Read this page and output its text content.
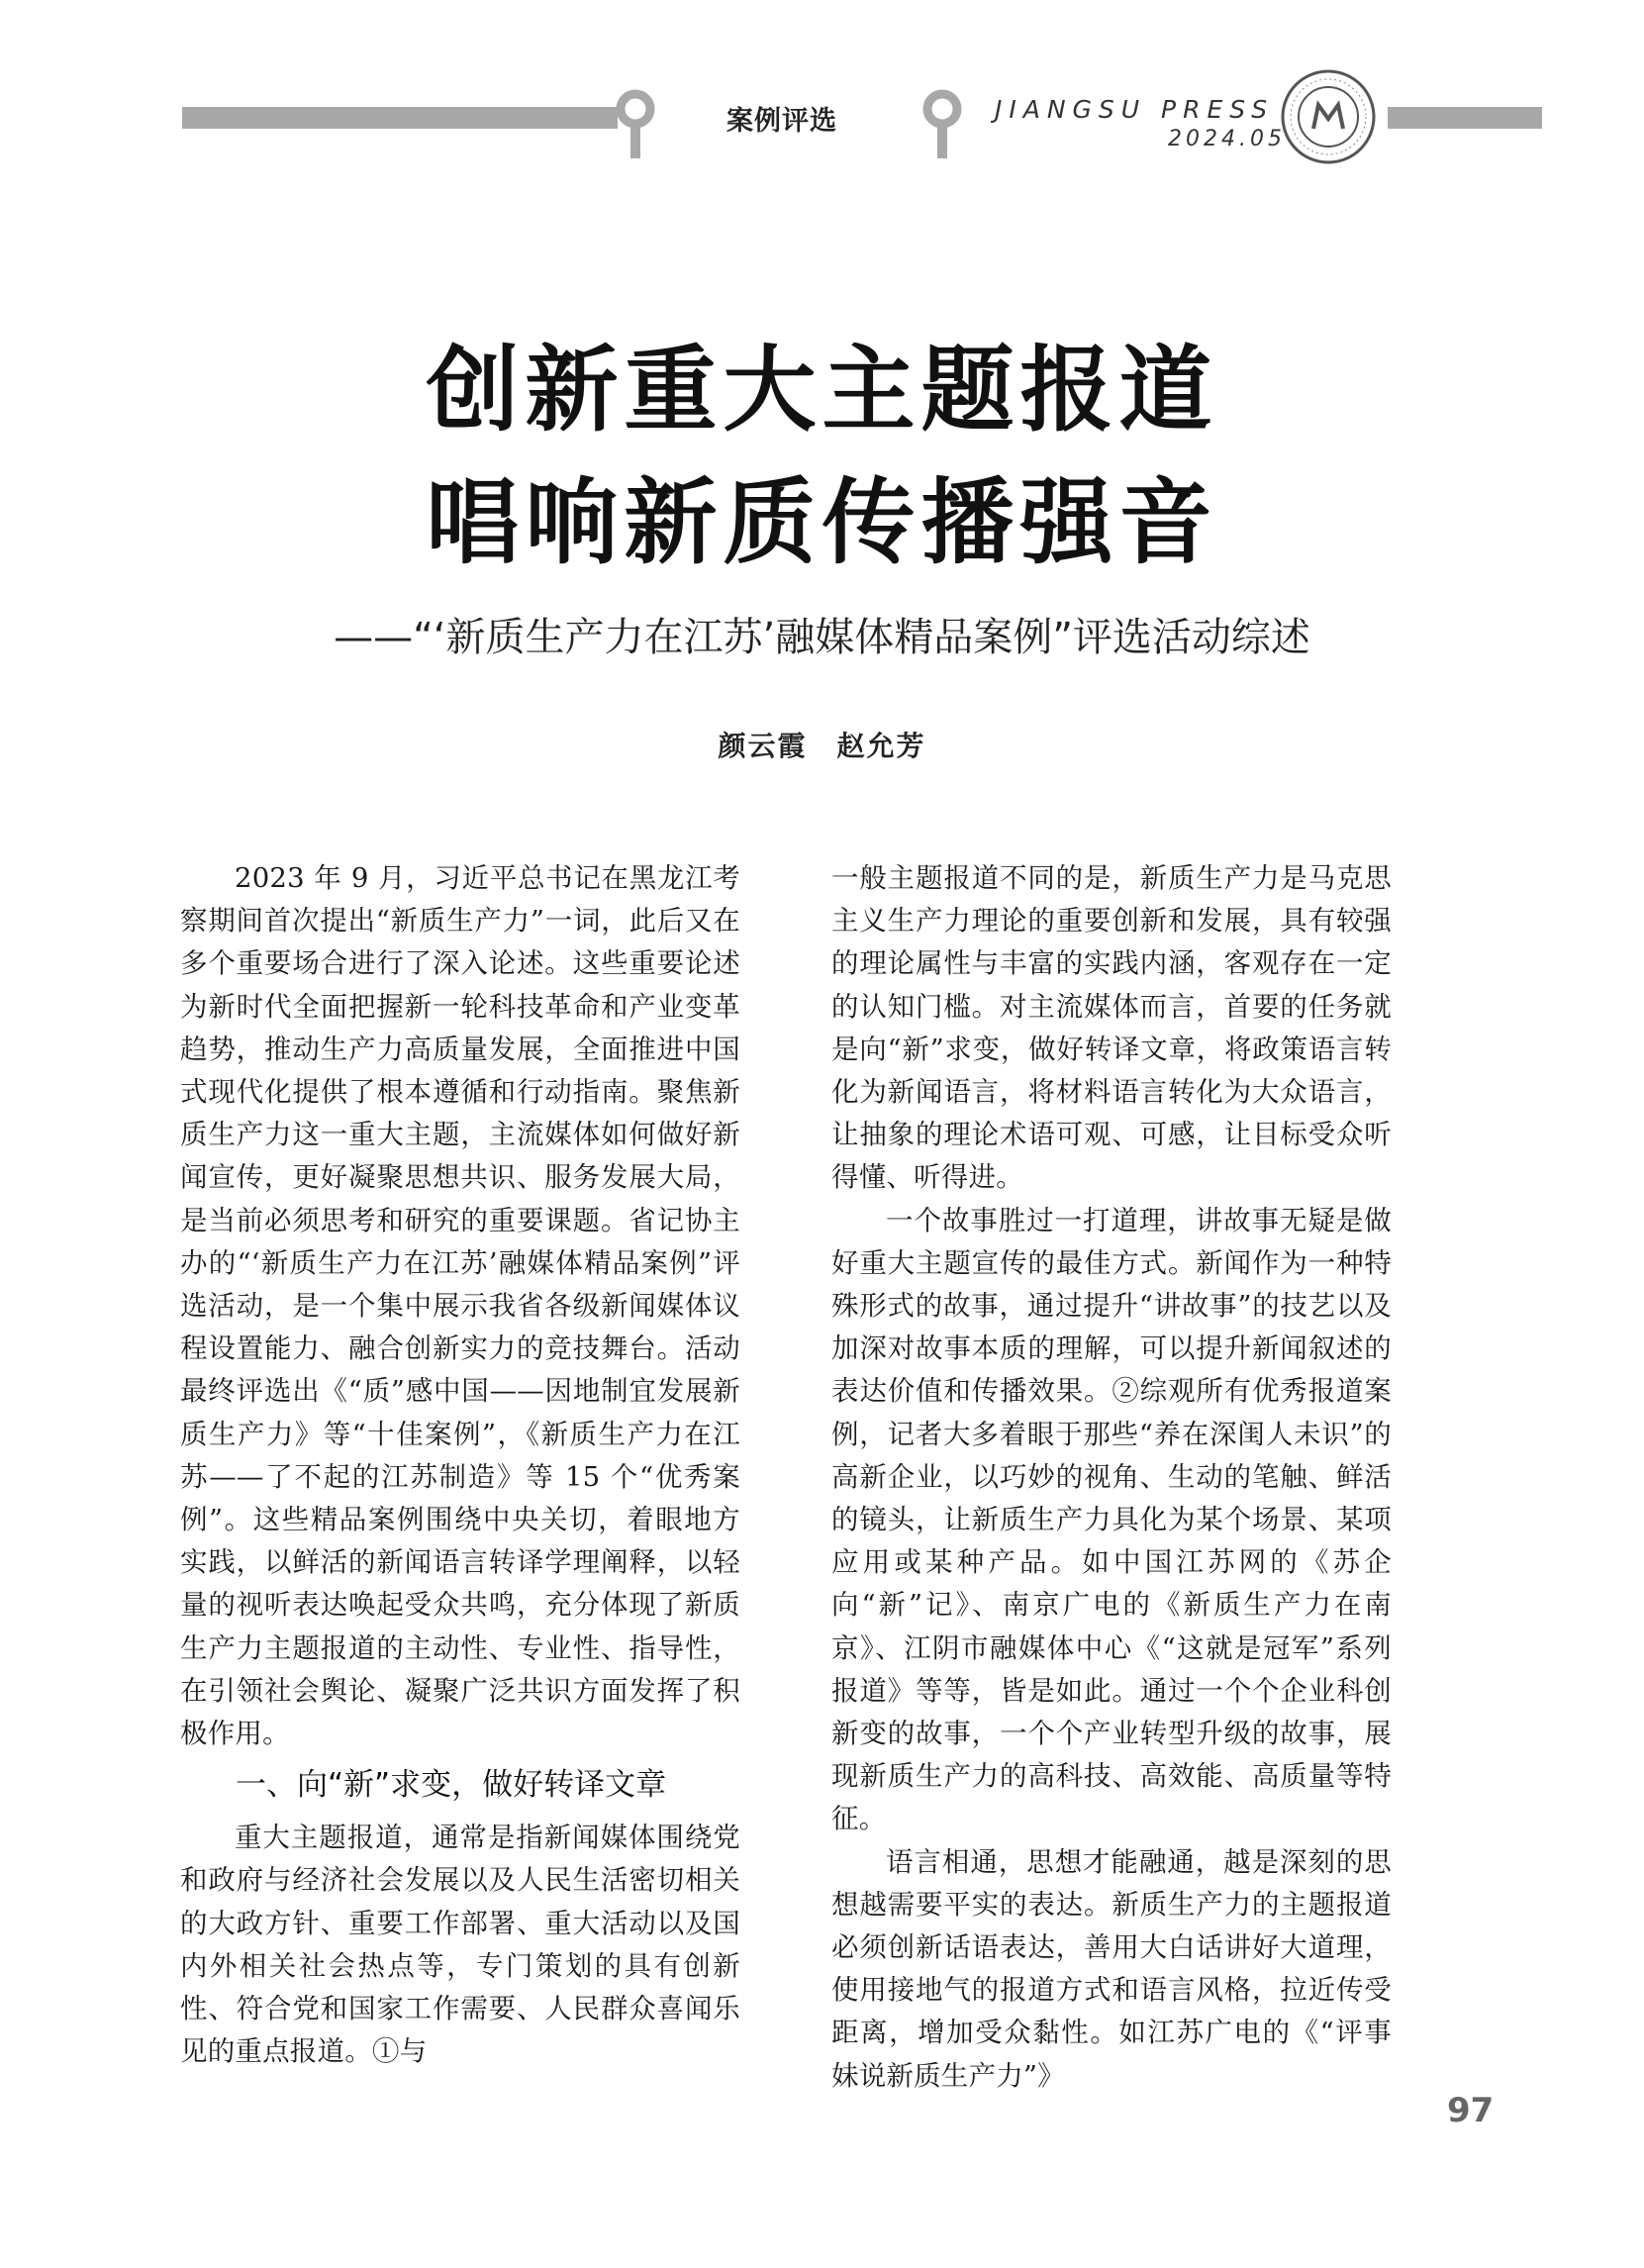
案例评选	JIANGSU PRESS
2024.05
创新重大主题报道
唱响新质传播强音
——“‘新质生产力在江苏’融媒体精品案例”评选活动综述
颜云霞　赵允芳

2023 年 9 月，习近平总书记在黑龙江考察期间首次提出“新质生产力”一词，此后又在多个重要场合进行了深入论述。这些重要论述为新时代全面把握新一轮科技革命和产业变革趋势，推动生产力高质量发展，全面推进中国式现代化提供了根本遵循和行动指南。聚焦新质生产力这一重大主题，主流媒体如何做好新闻宣传，更好凝聚思想共识、服务发展大局，是当前必须思考和研究的重要课题。省记协主办的“‘新质生产力在江苏’融媒体精品案例”评选活动，是一个集中展示我省各级新闻媒体议程设置能力、融合创新实力的竞技舞台。活动最终评选出《“质”感中国——因地制宜发展新质生产力》等“十佳案例”，《新质生产力在江苏——了不起的江苏制造》等 15 个“优秀案例”。这些精品案例围绕中央关切，着眼地方实践，以鲜活的新闻语言转译学理阐释，以轻量的视听表达唤起受众共鸣，充分体现了新质生产力主题报道的主动性、专业性、指导性，在引领社会舆论、凝聚广泛共识方面发挥了积极作用。

一、向“新”求变，做好转译文章

重大主题报道，通常是指新闻媒体围绕党和政府与经济社会发展以及人民生活密切相关的大政方针、重要工作部署、重大活动以及国内外相关社会热点等，专门策划的具有创新性、符合党和国家工作需要、人民群众喜闻乐见的重点报道。①与

一般主题报道不同的是，新质生产力是马克思主义生产力理论的重要创新和发展，具有较强的理论属性与丰富的实践内涵，客观存在一定的认知门槛。对主流媒体而言，首要的任务就是向“新”求变，做好转译文章，将政策语言转化为新闻语言，将材料语言转化为大众语言，让抽象的理论术语可观、可感，让目标受众听得懂、听得进。

一个故事胜过一打道理，讲故事无疑是做好重大主题宣传的最佳方式。新闻作为一种特殊形式的故事，通过提升“讲故事”的技艺以及加深对故事本质的理解，可以提升新闻叙述的表达价值和传播效果。②综观所有优秀报道案例，记者大多着眼于那些“养在深闺人未识”的高新企业，以巧妙的视角、生动的笔触、鲜活的镜头，让新质生产力具化为某个场景、某项应用或某种产品。如中国江苏网的《苏企向“新”记》、南京广电的《新质生产力在南京》、江阴市融媒体中心《“这就是冠军”系列报道》等等，皆是如此。通过一个个企业科创新变的故事，一个个产业转型升级的故事，展现新质生产力的高科技、高效能、高质量等特征。

语言相通，思想才能融通，越是深刻的思想越需要平实的表达。新质生产力的主题报道必须创新话语表达，善用大白话讲好大道理，使用接地气的报道方式和语言风格，拉近传受距离，增加受众黏性。如江苏广电的《“评事妹说新质生产力”》

97
